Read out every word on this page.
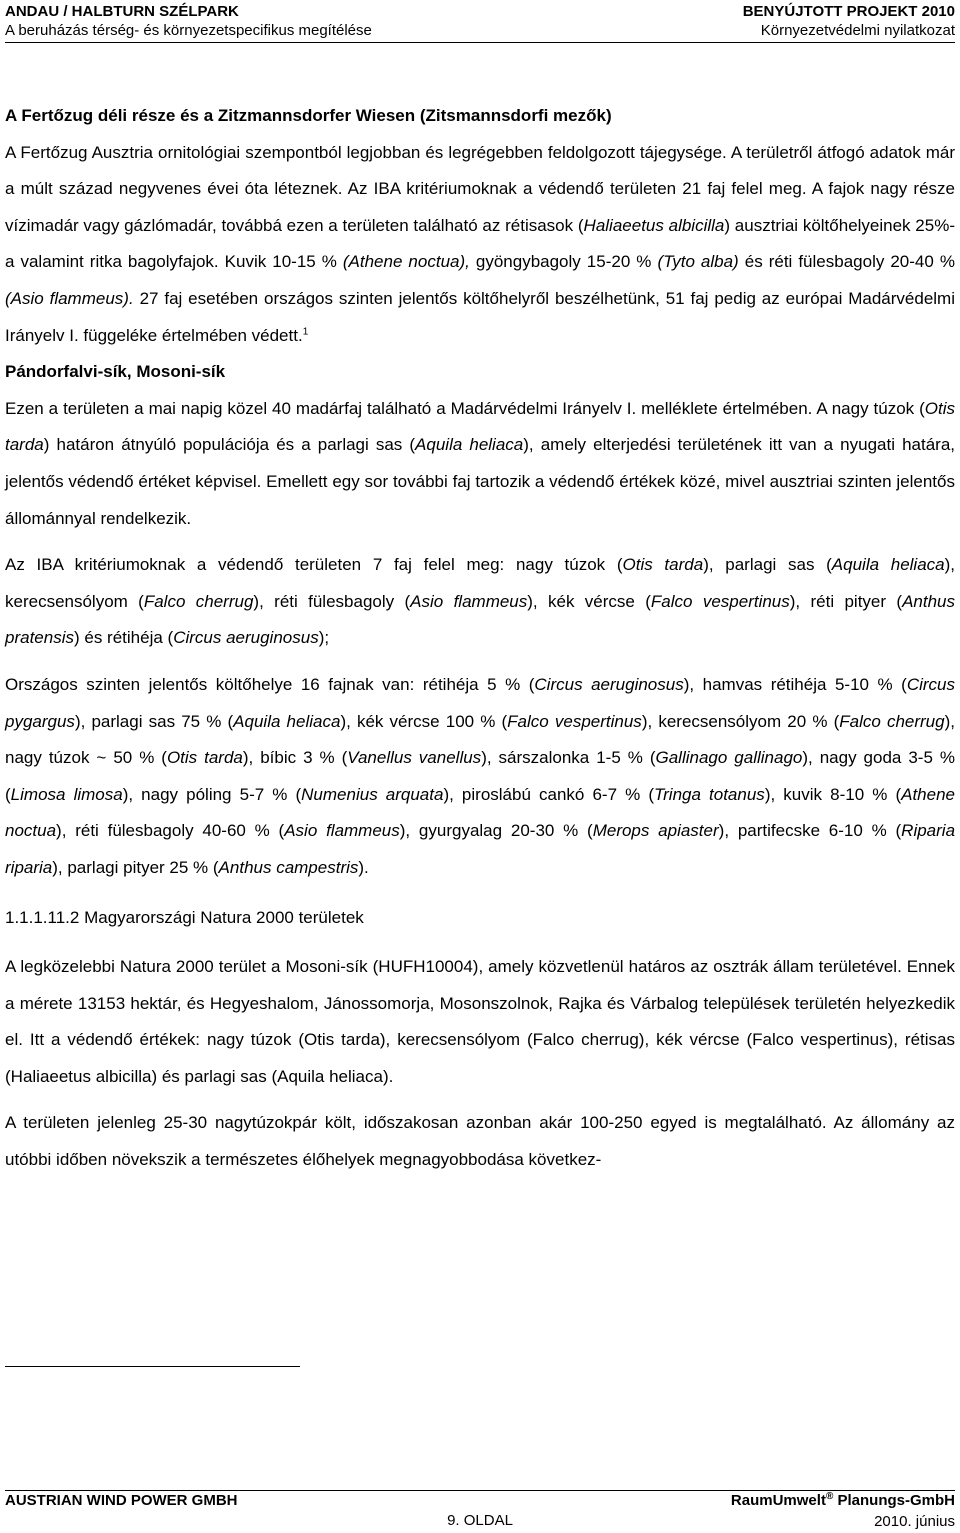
ANDAU / HALBTURN SZÉLPARK	BENYÚJTOTT PROJEKT 2010
A beruházás térség- és környezetspecifikus megítélése	Környezetvédelmi nyilatkozat

A Fertőzug déli része és a Zitzmannsdorfer Wiesen (Zitsmannsdorfi mezők)

A Fertőzug Ausztria ornitológiai szempontból legjobban és legrégebben feldolgozott tájegysége. A területről átfogó adatok már a múlt század negyvenes évei óta léteznek. Az IBA kritériumoknak a védendő területen 21 faj felel meg. A fajok nagy része vízimadár vagy gázlómadár, továbbá ezen a területen található az rétisasok (Haliaeetus albicilla) ausztriai költőhelyeinek 25%-a valamint ritka bagolyfajok. Kuvik 10-15 % (Athene noctua), gyöngybagoly 15-20 % (Tyto alba) és réti fülesbagoly 20-40 % (Asio flammeus). 27 faj esetében országos szinten jelentős költőhelyről beszélhetünk, 51 faj pedig az európai Madárvédelmi Irányelv I. függeléke értelmében védett.$^1$

Pándorfalvi-sík, Mosoni-sík

Ezen a területen a mai napig közel 40 madárfaj található a Madárvédelmi Irányelv I. melléklete értelmében. A nagy túzok (Otis tarda) határon átnyúló populációja és a parlagi sas (Aquila heliaca), amely elterjedési területének itt van a nyugati határa, jelentős védendő értéket képvisel. Emellett egy sor további faj tartozik a védendő értékek közé, mivel ausztriai szinten jelentős állománnyal rendelkezik.

Az IBA kritériumoknak a védendő területen 7 faj felel meg: nagy túzok (Otis tarda), parlagi sas (Aquila heliaca), kerecsensólyom (Falco cherrug), réti fülesbagoly (Asio flammeus), kék vércse (Falco vespertinus), réti pityer (Anthus pratensis) és rétihéja (Circus aeruginosus);

Országos szinten jelentős költőhelye 16 fajnak van: rétihéja 5 % (Circus aeruginosus), hamvas rétihéja 5-10 % (Circus pygargus), parlagi sas 75 % (Aquila heliaca), kék vércse 100 % (Falco vespertinus), kerecsensólyom 20 % (Falco cherrug), nagy túzok ~ 50 % (Otis tarda), bíbic 3 % (Vanellus vanellus), sárszalonka 1-5 % (Gallinago gallinago), nagy goda 3-5 % (Limosa limosa), nagy póling 5-7 % (Numenius arquata), piroslábú cankó 6-7 % (Tringa totanus), kuvik 8-10 % (Athene noctua), réti fülesbagoly 40-60 % (Asio flammeus), gyurgyalag 20-30 % (Merops apiaster), partifecske 6-10 % (Riparia riparia), parlagi pityer 25 % (Anthus campestris).

1.1.1.11.2 Magyarországi Natura 2000 területek

A legközelebbi Natura 2000 terület a Mosoni-sík (HUFH10004), amely közvetlenül határos az osztrák állam területével. Ennek a mérete 13153 hektár, és Hegyeshalom, Jánossomorja, Mosonszolnok, Rajka és Várbalog települések területén helyezkedik el. Itt a védendő értékek: nagy túzok (Otis tarda), kerecsensólyom (Falco cherrug), kék vércse (Falco vespertinus), rétisas (Haliaeetus albicilla) és parlagi sas (Aquila heliaca).

A területen jelenleg 25-30 nagytúzokpár költ, időszakosan azonban akár 100-250 egyed is megtalálható. Az állomány az utóbbi időben növekszik a természetes élőhelyek megnagyobbodása következ-

AUSTRIAN WIND POWER GMBH	RaumUmwelt® Planungs-GmbH
9. OLDAL	2010. június
